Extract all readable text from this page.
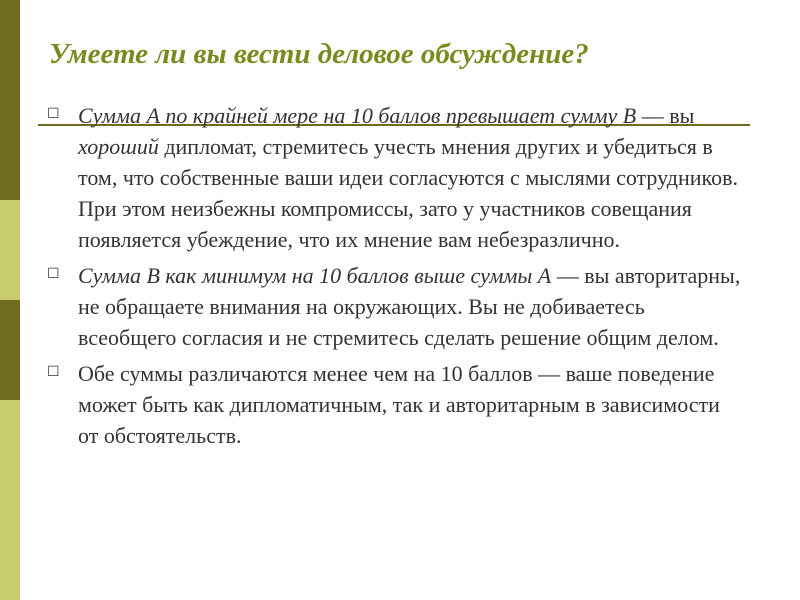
Умеете ли вы вести деловое обсуждение?
☐ Сумма А по крайней мере на 10 баллов превышает сумму В — вы хороший дипломат, стремитесь учесть мнения других и убедиться в том, что собственные ваши идеи согласуются с мыслями сотрудников. При этом неизбежны компромиссы, зато у участников совещания появляется убеждение, что их мнение вам небезразлично.
☐ Сумма В как минимум на 10 баллов выше суммы А — вы авторитарны, не обращаете внимания на окружающих. Вы не добиваетесь всеобщего согласия и не стремитесь сделать решение общим делом.
☐ Обе суммы различаются менее чем на 10 баллов — ваше поведение может быть как дипломатичным, так и авторитарным в зависимости от обстоятельств.
